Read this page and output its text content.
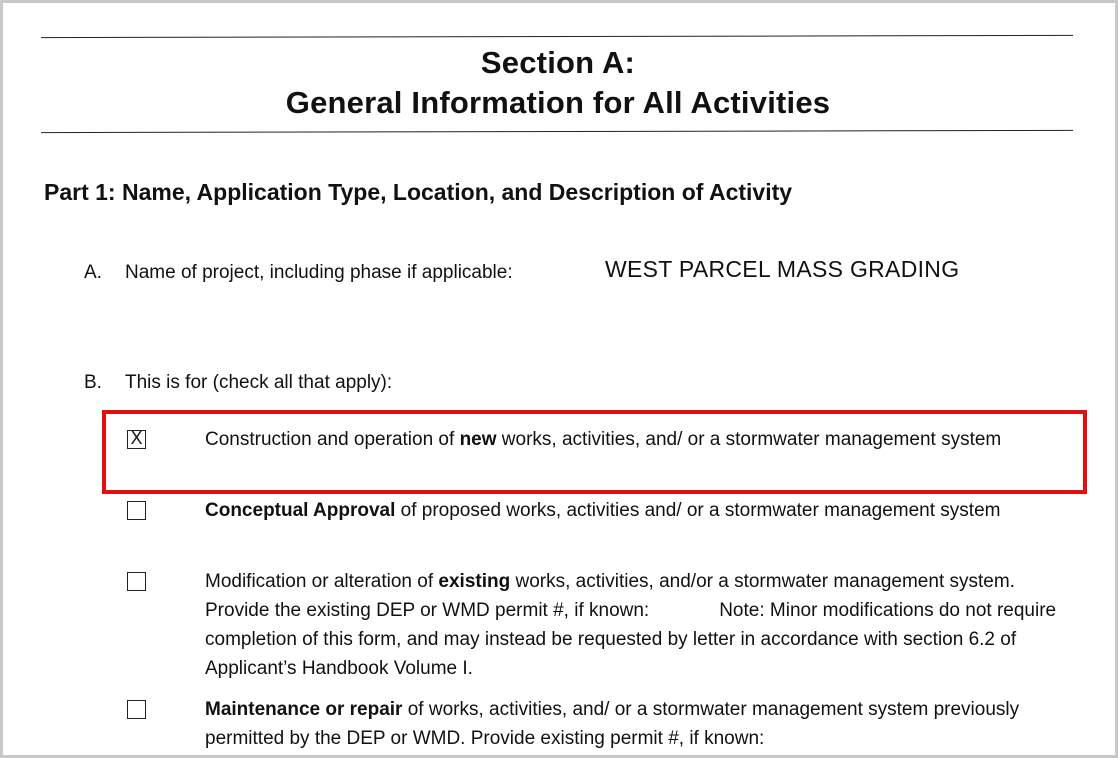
Section A:
General Information for All Activities
Part 1: Name, Application Type, Location, and Description of Activity
A. Name of project, including phase if applicable:	WEST PARCEL MASS GRADING
B. This is for (check all that apply):
X	Construction and operation of new works, activities, and/ or a stormwater management system
Conceptual Approval of proposed works, activities and/ or a stormwater management system
Modification or alteration of existing works, activities, and/or a stormwater management system. Provide the existing DEP or WMD permit #, if known:	Note: Minor modifications do not require completion of this form, and may instead be requested by letter in accordance with section 6.2 of Applicant’s Handbook Volume I.
Maintenance or repair of works, activities, and/ or a stormwater management system previously permitted by the DEP or WMD. Provide existing permit #, if known:
